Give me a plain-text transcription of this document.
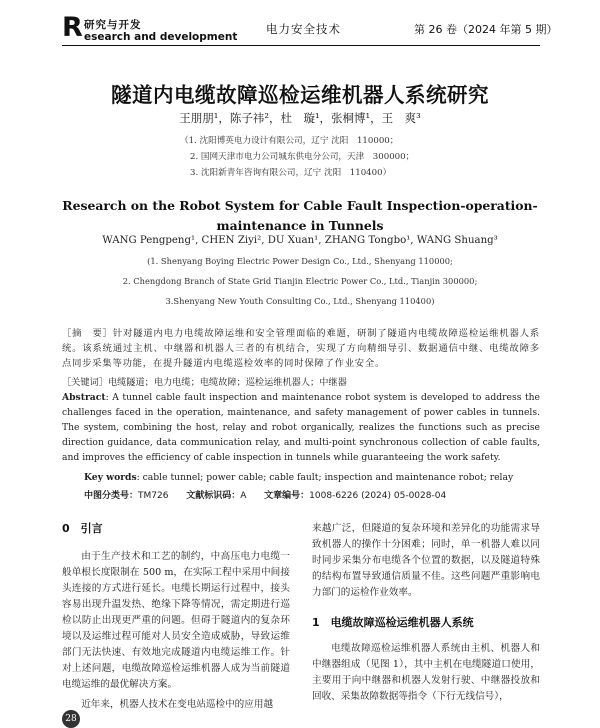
R 研究与开发
esearch and development
电力安全技术	第 26 卷（2024 年第 5 期）
隧道内电缆故障巡检运维机器人系统研究
王朋朋¹，陈子祎²，杜　璇¹，张桐博¹，王　爽³
（1. 沈阳博英电力设计有限公司，辽宁 沈阳　110000；
2. 国网天津市电力公司城东供电分公司，天津　300000；
3. 沈阳新青年咨询有限公司，辽宁 沈阳　110400）
Research on the Robot System for Cable Fault Inspection-operation-
maintenance in Tunnels
WANG Pengpeng¹, CHEN Ziyi², DU Xuan¹, ZHANG Tongbo¹, WANG Shuang³
(1. Shenyang Boying Electric Power Design Co., Ltd., Shenyang 110000;
2. Chengdong Branch of State Grid Tianjin Electric Power Co., Ltd., Tianjin 300000;
3.Shenyang New Youth Consulting Co., Ltd., Shenyang 110400)
［摘　要］针对隧道内电力电缆故障运维和安全管理面临的难题，研制了隧道内电缆故障巡检运维机器人系统。该系统通过主机、中继器和机器人三者的有机结合，实现了方向精细导引、数据通信中继、电缆故障多点同步采集等功能，在提升隧道内电缆巡检效率的同时保障了作业安全。
［关键词］电缆隧道；电力电缆；电缆故障；巡检运维机器人；中继器
Abstract: A tunnel cable fault inspection and maintenance robot system is developed to address the challenges faced in the operation, maintenance, and safety management of power cables in tunnels. The system, combining the host, relay and robot organically, realizes the functions such as precise direction guidance, data communication relay, and multi-point synchronous collection of cable faults, and improves the efficiency of cable inspection in tunnels while guaranteeing the work safety.
Key words: cable tunnel; power cable; cable fault; inspection and maintenance robot; relay
中图分类号：TM726 文献标识码：A 文章编号：1008-6226 (2024) 05-0028-04
0　引言

由于生产技术和工艺的制约，中高压电力电缆一般单根长度限制在 500 m，在实际工程中采用中间接头连接的方式进行延长。电缆长期运行过程中，接头容易出现升温发热、绝缘下降等情况，需定期进行巡检以防止出现更严重的问题。但碍于隧道内的复杂环境以及运维过程可能对人员安全造成威胁，导致运维部门无法快速、有效地完成隧道内电缆运维工作。针对上述问题，电缆故障巡检运维机器人成为当前隧道电缆运维的最优解决方案。

近年来，机器人技术在变电站巡检中的应用越

来越广泛，但隧道的复杂环境和差异化的功能需求导致机器人的操作十分困难；同时，单一机器人难以同时同步采集分布电缆各个位置的数据，以及隧道特殊的结构布置导致通信质量不佳。这些问题严重影响电力部门的运检作业效率。

1　电缆故障巡检运维机器人系统

电缆故障巡检运维机器人系统由主机、机器人和中继器组成（见图 1），其中主机在电缆隧道口使用，主要用于向中继器和机器人发射行驶、中继器投放和回收、采集故障数据等指令（下行无线信号），

28
